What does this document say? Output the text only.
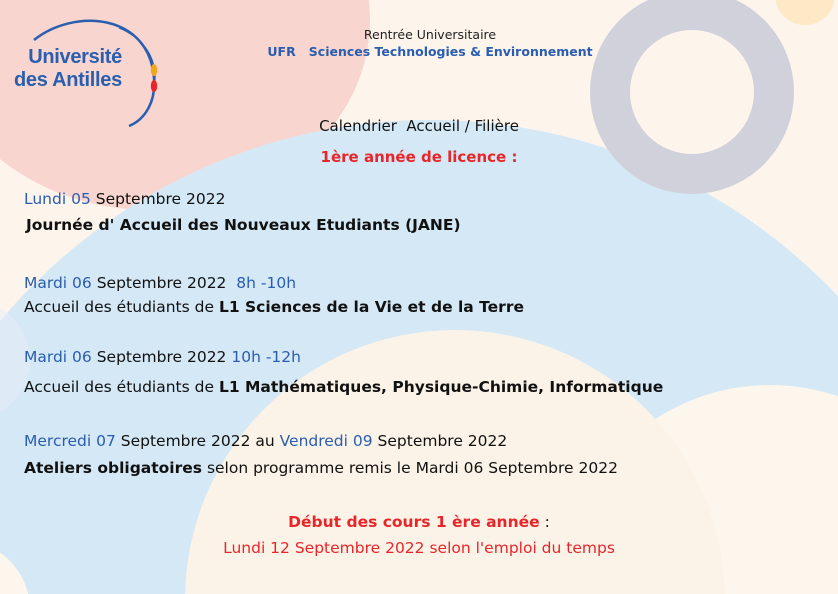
Université
des Antilles
Rentrée Universitaire
UFR Sciences Technologies & Environnement
Calendrier  Accueil / Filière
1ère année de licence :
Lundi 05 Septembre 2022
Journée d' Accueil des Nouveaux Etudiants (JANE)
Mardi 06 Septembre 2022  8h -10h
Accueil des étudiants de L1 Sciences de la Vie et de la Terre
Mardi 06 Septembre 2022 10h -12h
Accueil des étudiants de L1 Mathématiques, Physique-Chimie, Informatique
Mercredi 07 Septembre 2022 au Vendredi 09 Septembre 2022
Ateliers obligatoires selon programme remis le Mardi 06 Septembre 2022
Début des cours 1 ère année :
Lundi 12 Septembre 2022 selon l'emploi du temps
